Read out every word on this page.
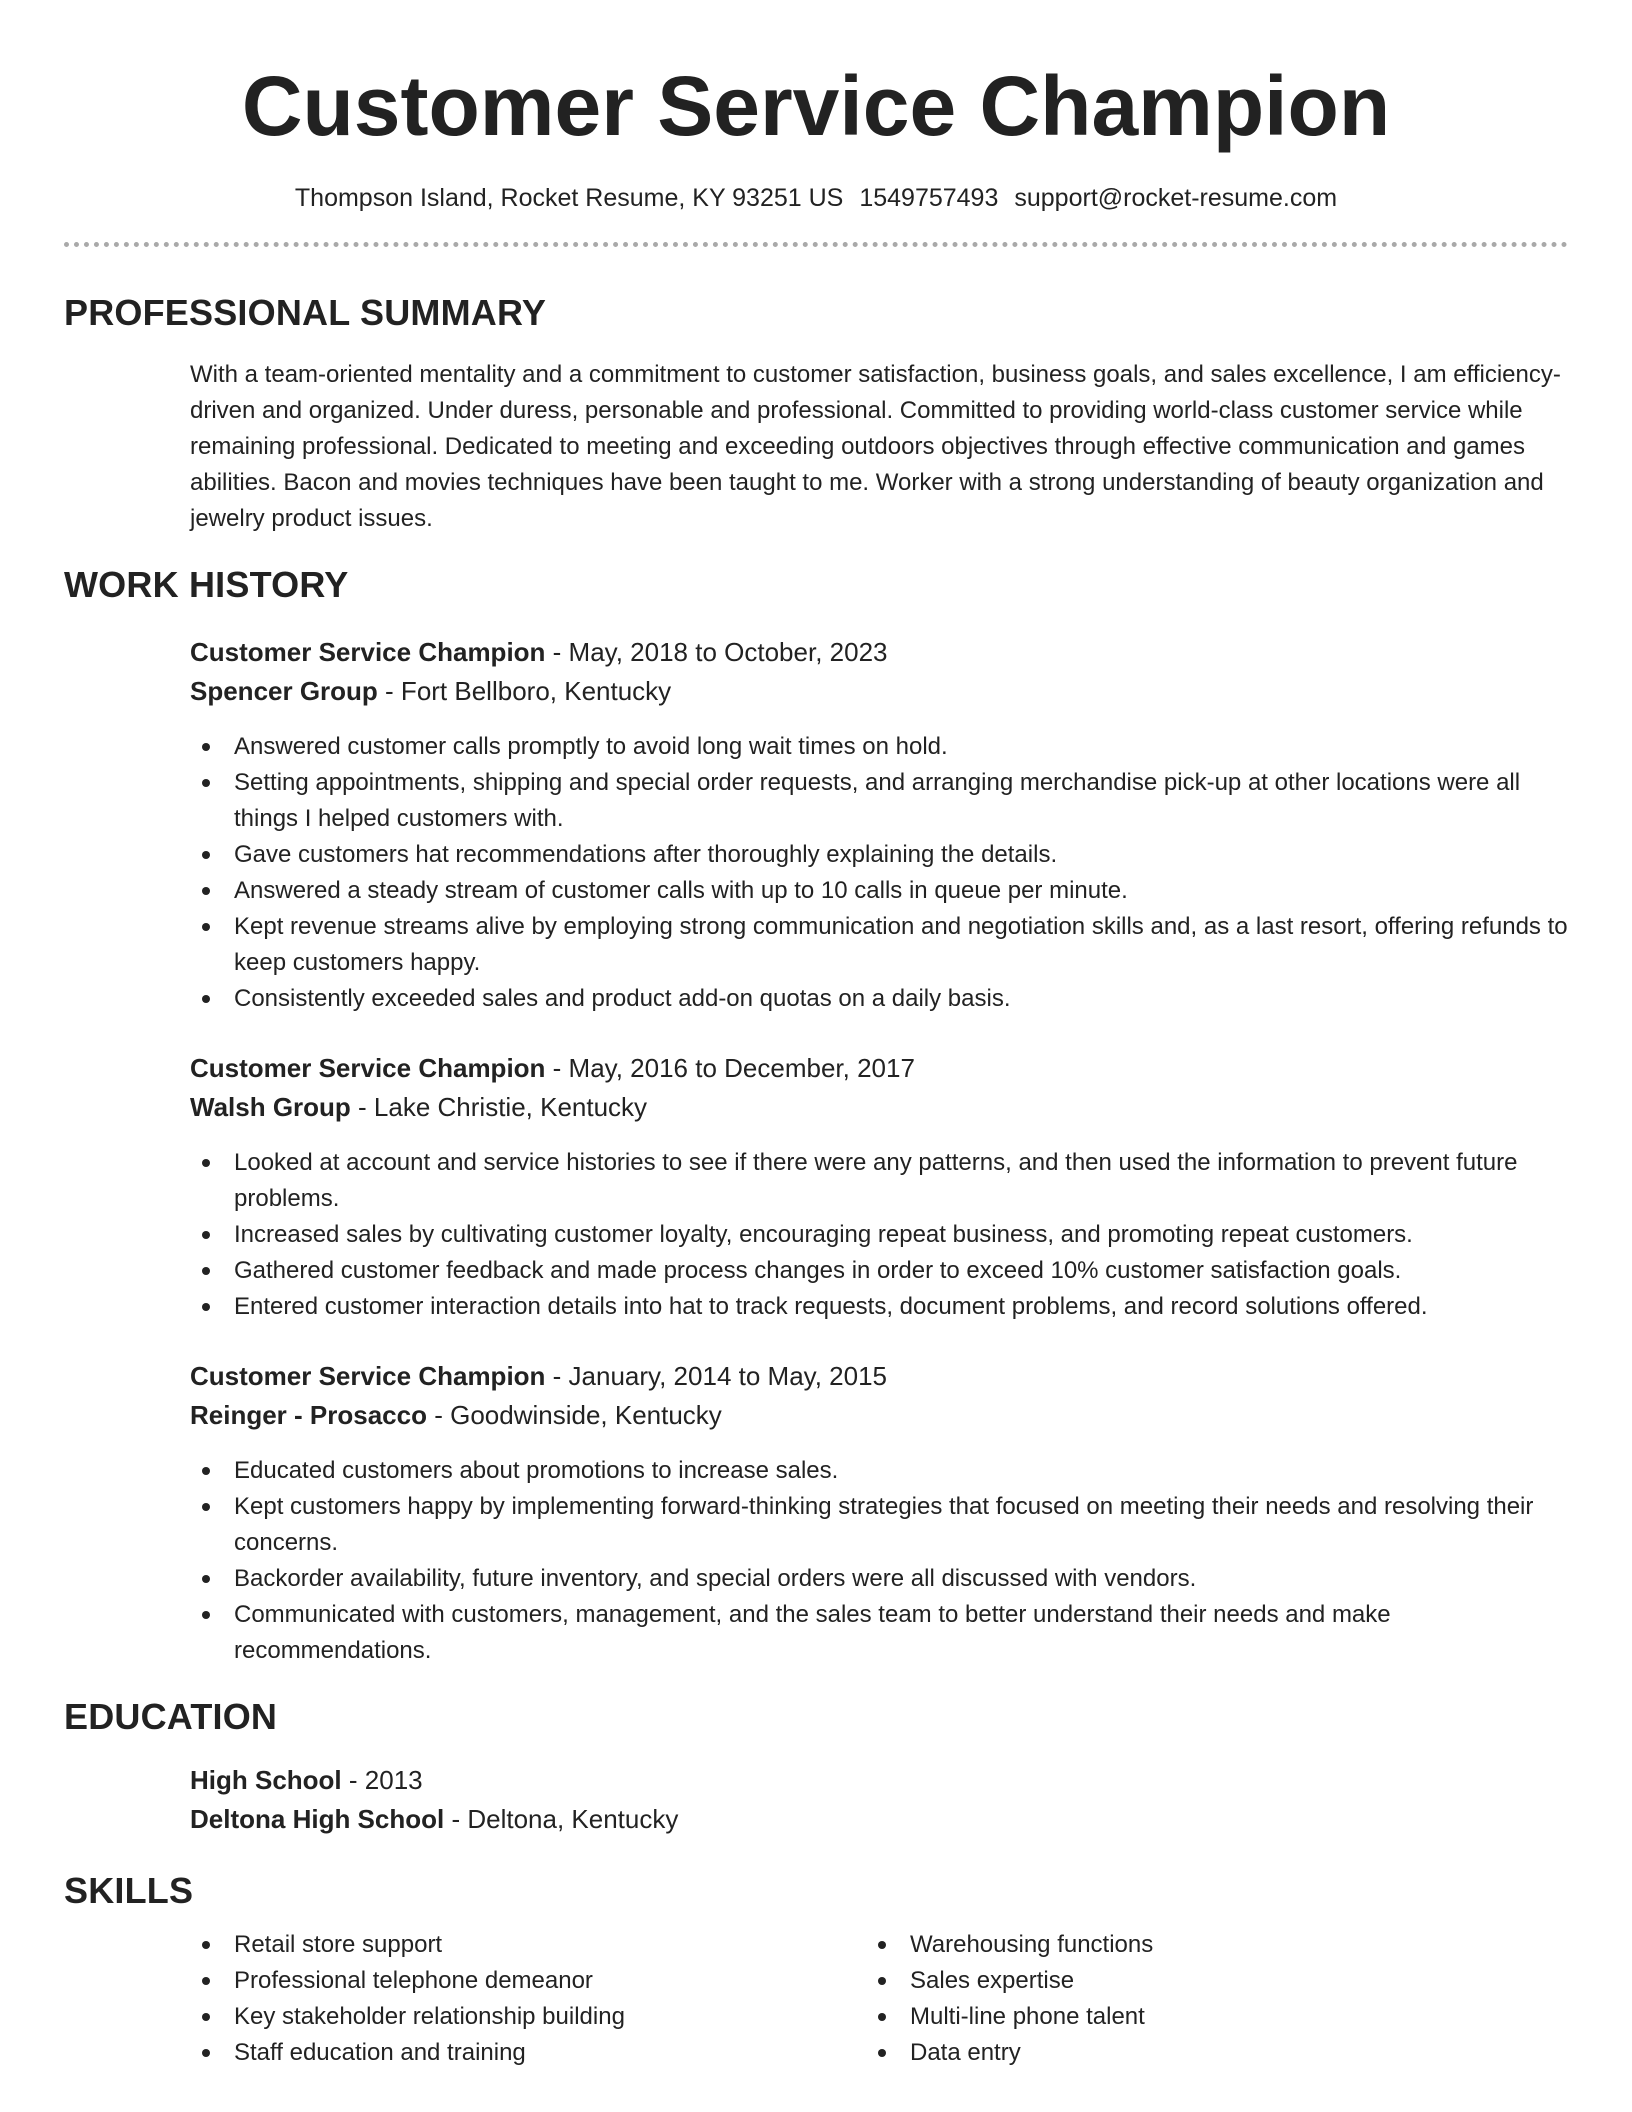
Customer Service Champion
Thompson Island, Rocket Resume, KY 93251 US 1549757493 support@rocket-resume.com
PROFESSIONAL SUMMARY
With a team-oriented mentality and a commitment to customer satisfaction, business goals, and sales excellence, I am efficiency-driven and organized. Under duress, personable and professional. Committed to providing world-class customer service while remaining professional. Dedicated to meeting and exceeding outdoors objectives through effective communication and games abilities. Bacon and movies techniques have been taught to me. Worker with a strong understanding of beauty organization and jewelry product issues.
WORK HISTORY
Customer Service Champion - May, 2018 to October, 2023
Spencer Group - Fort Bellboro, Kentucky
Answered customer calls promptly to avoid long wait times on hold.
Setting appointments, shipping and special order requests, and arranging merchandise pick-up at other locations were all things I helped customers with.
Gave customers hat recommendations after thoroughly explaining the details.
Answered a steady stream of customer calls with up to 10 calls in queue per minute.
Kept revenue streams alive by employing strong communication and negotiation skills and, as a last resort, offering refunds to keep customers happy.
Consistently exceeded sales and product add-on quotas on a daily basis.
Customer Service Champion - May, 2016 to December, 2017
Walsh Group - Lake Christie, Kentucky
Looked at account and service histories to see if there were any patterns, and then used the information to prevent future problems.
Increased sales by cultivating customer loyalty, encouraging repeat business, and promoting repeat customers.
Gathered customer feedback and made process changes in order to exceed 10% customer satisfaction goals.
Entered customer interaction details into hat to track requests, document problems, and record solutions offered.
Customer Service Champion - January, 2014 to May, 2015
Reinger - Prosacco - Goodwinside, Kentucky
Educated customers about promotions to increase sales.
Kept customers happy by implementing forward-thinking strategies that focused on meeting their needs and resolving their concerns.
Backorder availability, future inventory, and special orders were all discussed with vendors.
Communicated with customers, management, and the sales team to better understand their needs and make recommendations.
EDUCATION
High School - 2013
Deltona High School - Deltona, Kentucky
SKILLS
Retail store support
Professional telephone demeanor
Key stakeholder relationship building
Staff education and training
Warehousing functions
Sales expertise
Multi-line phone talent
Data entry
